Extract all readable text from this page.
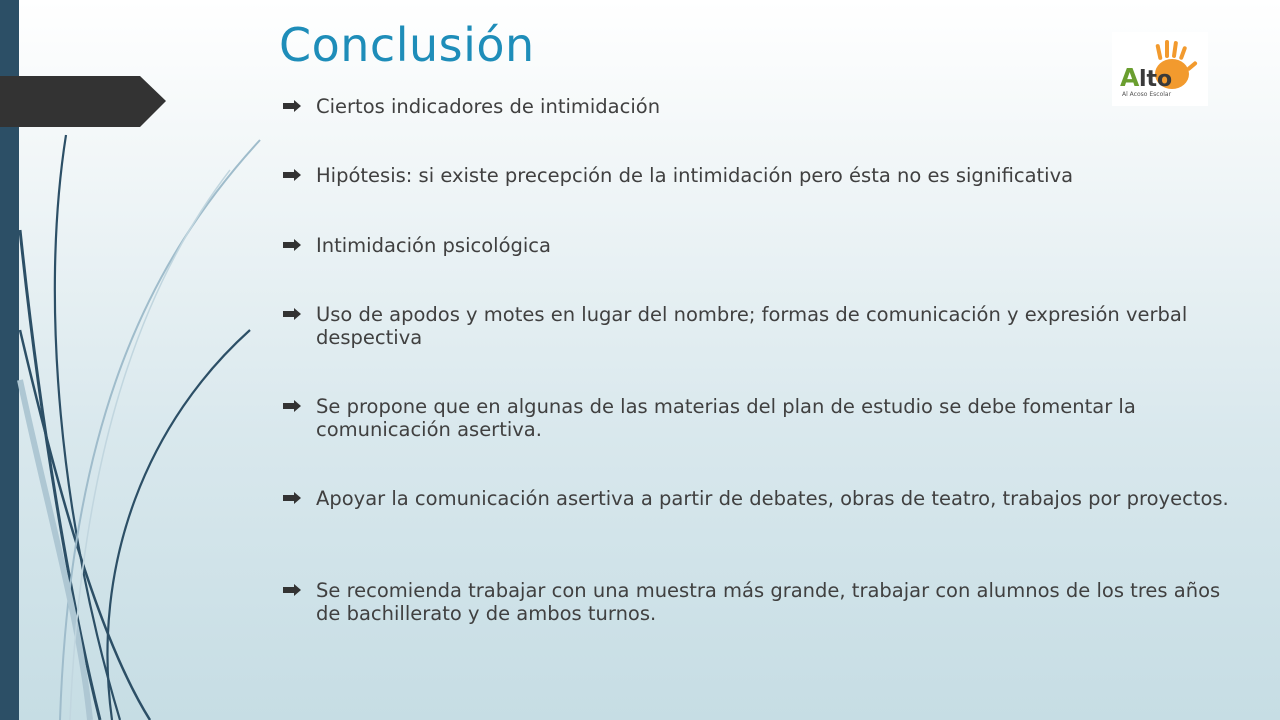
Conclusión
A lto
Al Acoso Escolar
Ciertos indicadores de intimidación
Hipótesis: si existe precepción de la intimidación pero ésta no es significativa
Intimidación psicológica
Uso de apodos y motes en lugar del nombre; formas de comunicación y expresión verbal despectiva
Se propone que en algunas de las materias del plan de estudio se debe fomentar la comunicación asertiva.
Apoyar la comunicación asertiva a partir de debates, obras de teatro, trabajos por proyectos.
Se recomienda trabajar con una muestra más grande, trabajar con alumnos de los tres años de bachillerato y de ambos turnos.
